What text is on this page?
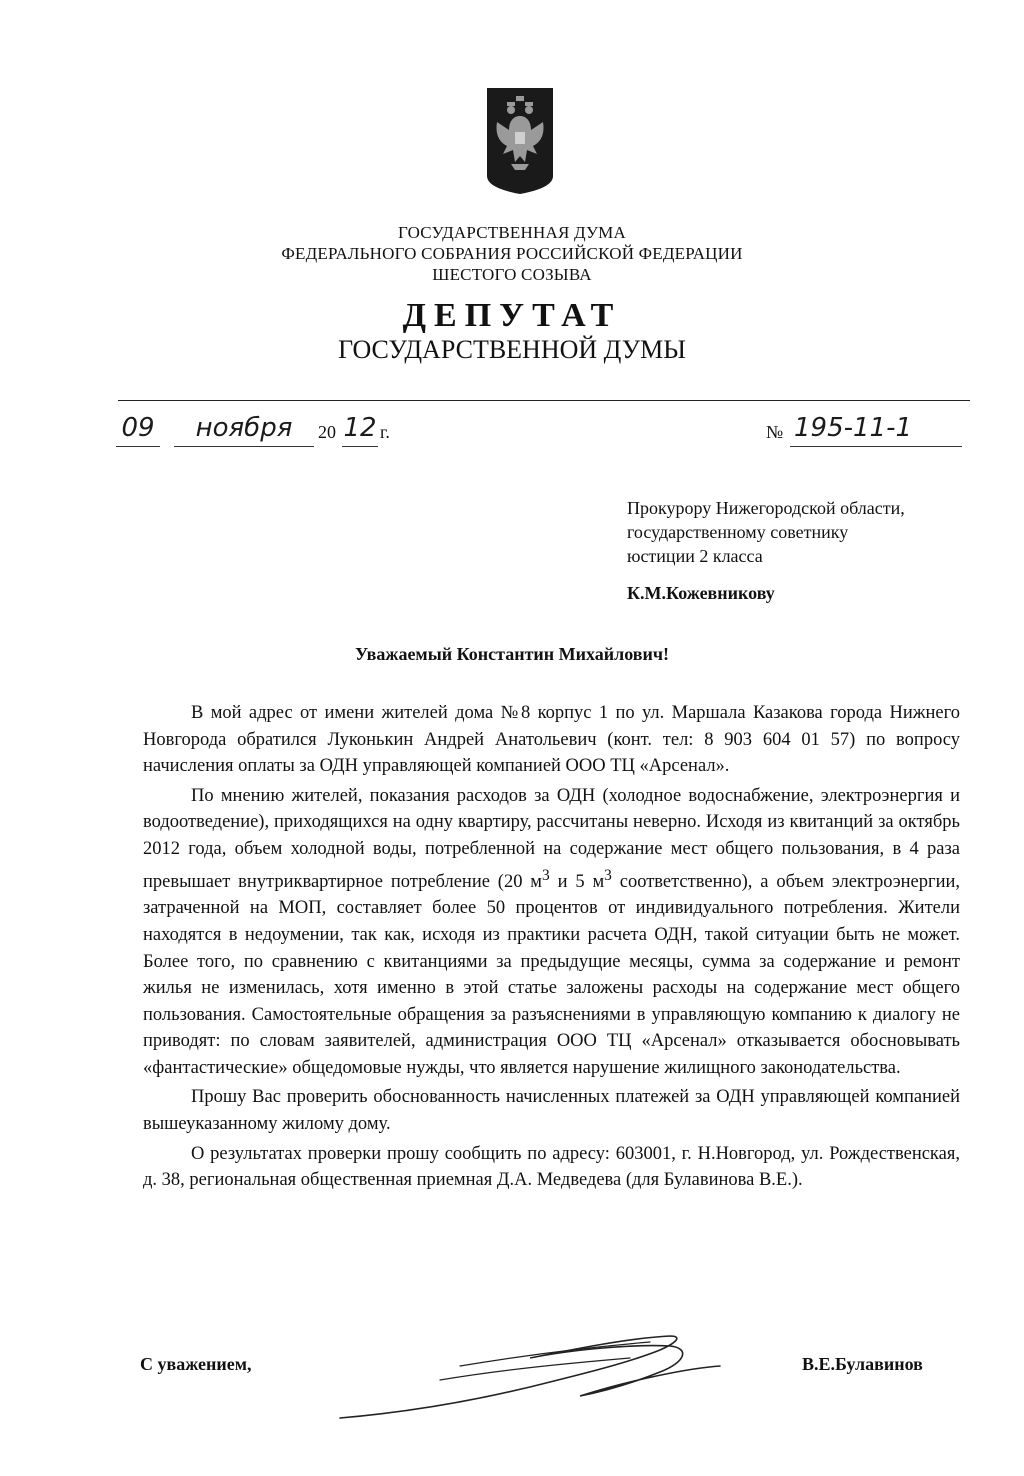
ГОСУДАРСТВЕННАЯ ДУМА
ФЕДЕРАЛЬНОГО СОБРАНИЯ РОССИЙСКОЙ ФЕДЕРАЦИИ
ШЕСТОГО СОЗЫВА
ДЕПУТАТ
ГОСУДАРСТВЕННОЙ ДУМЫ
09	ноября	20 12 г.	№ 195-11-1
Прокурору Нижегородской области,
государственному советнику
юстиции 2 класса
К.М.Кожевникову
Уважаемый Константин Михайлович!

В мой адрес от имени жителей дома №8 корпус 1 по ул. Маршала Казакова города Нижнего Новгорода обратился Луконькин Андрей Анатольевич (конт. тел: 8 903 604 01 57) по вопросу начисления оплаты за ОДН управляющей компанией ООО ТЦ «Арсенал».

По мнению жителей, показания расходов за ОДН (холодное водоснабжение, электроэнергия и водоотведение), приходящихся на одну квартиру, рассчитаны неверно. Исходя из квитанций за октябрь 2012 года, объем холодной воды, потребленной на содержание мест общего пользования, в 4 раза превышает внутриквартирное потребление (20 $м^3$ и 5 $м^3$ соответственно), а объем электроэнергии, затраченной на МОП, составляет более 50 процентов от индивидуального потребления. Жители находятся в недоумении, так как, исходя из практики расчета ОДН, такой ситуации быть не может. Более того, по сравнению с квитанциями за предыдущие месяцы, сумма за содержание и ремонт жилья не изменилась, хотя именно в этой статье заложены расходы на содержание мест общего пользования. Самостоятельные обращения за разъяснениями в управляющую компанию к диалогу не приводят: по словам заявителей, администрация ООО ТЦ «Арсенал» отказывается обосновывать «фантастические» общедомовые нужды, что является нарушение жилищного законодательства.

Прошу Вас проверить обоснованность начисленных платежей за ОДН управляющей компанией вышеуказанному жилому дому.

О результатах проверки прошу сообщить по адресу: 603001, г. Н.Новгород, ул. Рождественская, д. 38, региональная общественная приемная Д.А. Медведева (для Булавинова В.Е.).

С уважением,	В.Е.Булавинов
